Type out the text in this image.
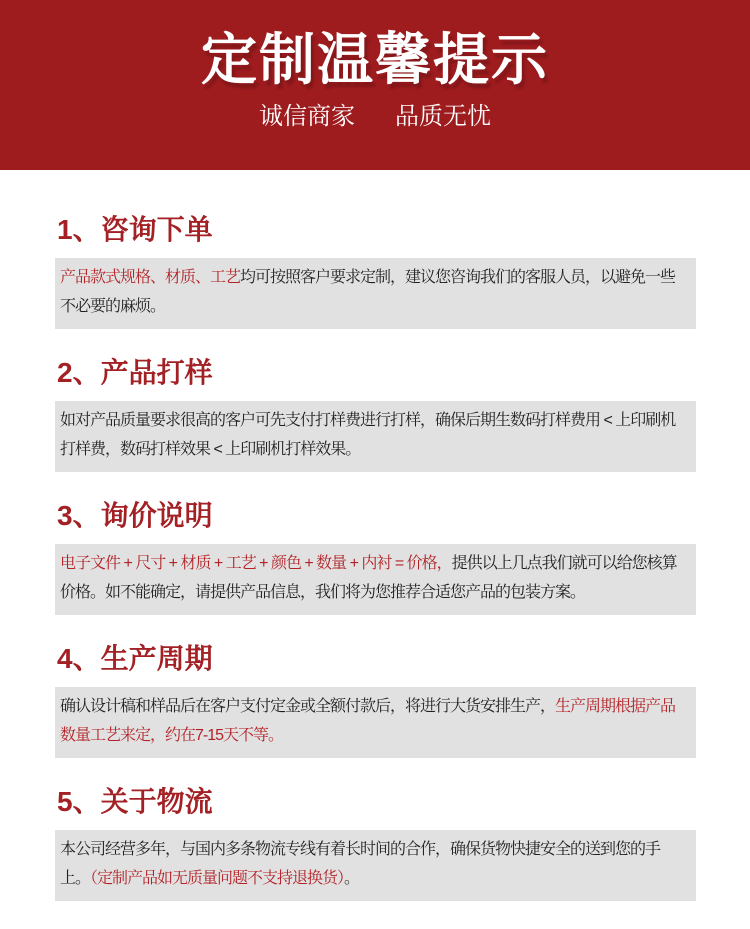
定制温馨提示
诚信商家 品质无忧
1、咨询下单
产品款式规格、材质、工艺均可按照客户要求定制，建议您咨询我们的客服人员，以避免一些不必要的麻烦。
2、产品打样
如对产品质量要求很高的客户可先支付打样费进行打样，确保后期生数码打样费用 < 上印刷机打样费，数码打样效果 < 上印刷机打样效果。
3、询价说明
电子文件 + 尺寸 + 材质 + 工艺 + 颜色 + 数量 + 内衬 = 价格，提供以上几点我们就可以给您核算价格。如不能确定，请提供产品信息，我们将为您推荐合适您产品的包装方案。
4、生产周期
确认设计稿和样品后在客户支付定金或全额付款后，将进行大货安排生产，生产周期根据产品数量工艺来定，约在7-15天不等。
5、关于物流
本公司经营多年，与国内多条物流专线有着长时间的合作，确保货物快捷安全的送到您的手上。（定制产品如无质量问题不支持退换货）。
